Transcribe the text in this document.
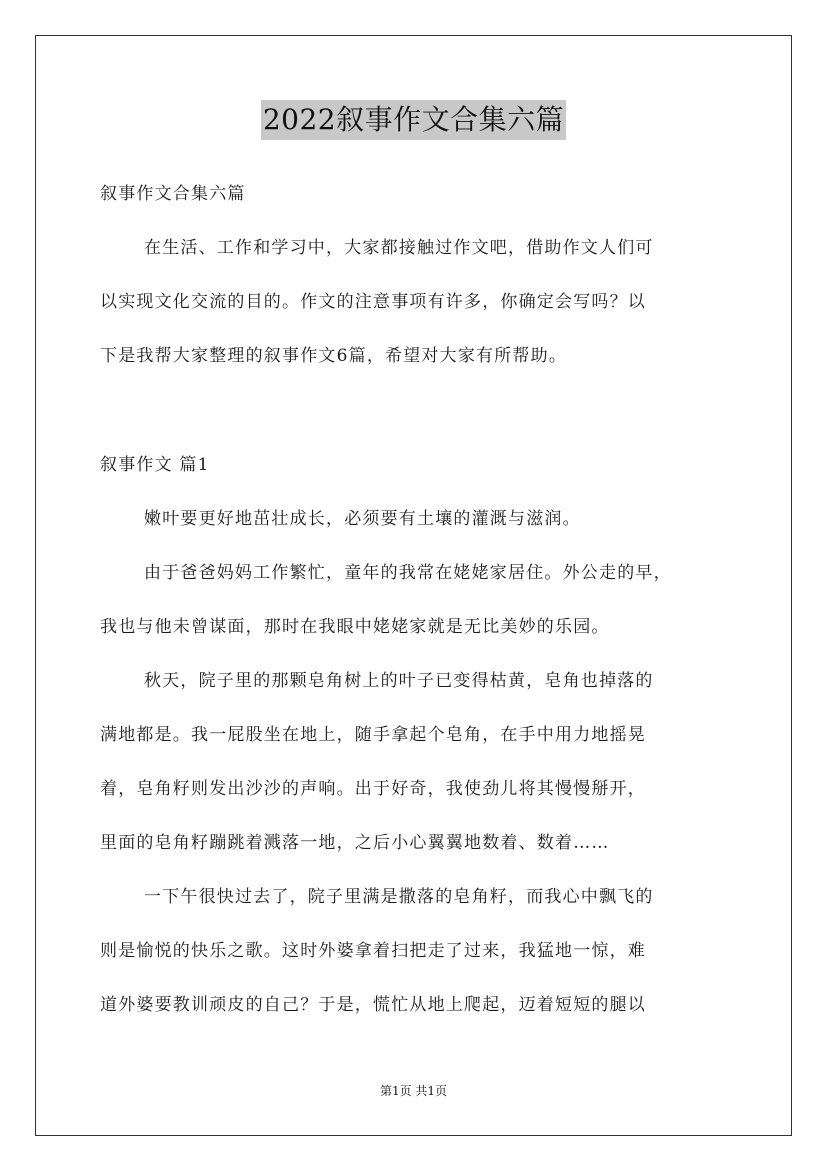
2022叙事作文合集六篇
叙事作文合集六篇
在生活、工作和学习中，大家都接触过作文吧，借助作文人们可
以实现文化交流的目的。作文的注意事项有许多，你确定会写吗？以
下是我帮大家整理的叙事作文6篇，希望对大家有所帮助。
叙事作文 篇1
嫩叶要更好地茁壮成长，必须要有土壤的灌溉与滋润。
由于爸爸妈妈工作繁忙，童年的我常在姥姥家居住。外公走的早，
我也与他未曾谋面，那时在我眼中姥姥家就是无比美妙的乐园。
秋天，院子里的那颗皂角树上的叶子已变得枯黄，皂角也掉落的
满地都是。我一屁股坐在地上，随手拿起个皂角，在手中用力地摇晃
着，皂角籽则发出沙沙的声响。出于好奇，我使劲儿将其慢慢掰开，
里面的皂角籽蹦跳着溅落一地，之后小心翼翼地数着、数着……
一下午很快过去了，院子里满是撒落的皂角籽，而我心中飘飞的
则是愉悦的快乐之歌。这时外婆拿着扫把走了过来，我猛地一惊，难
道外婆要教训顽皮的自己？于是，慌忙从地上爬起，迈着短短的腿以
第1页 共1页
